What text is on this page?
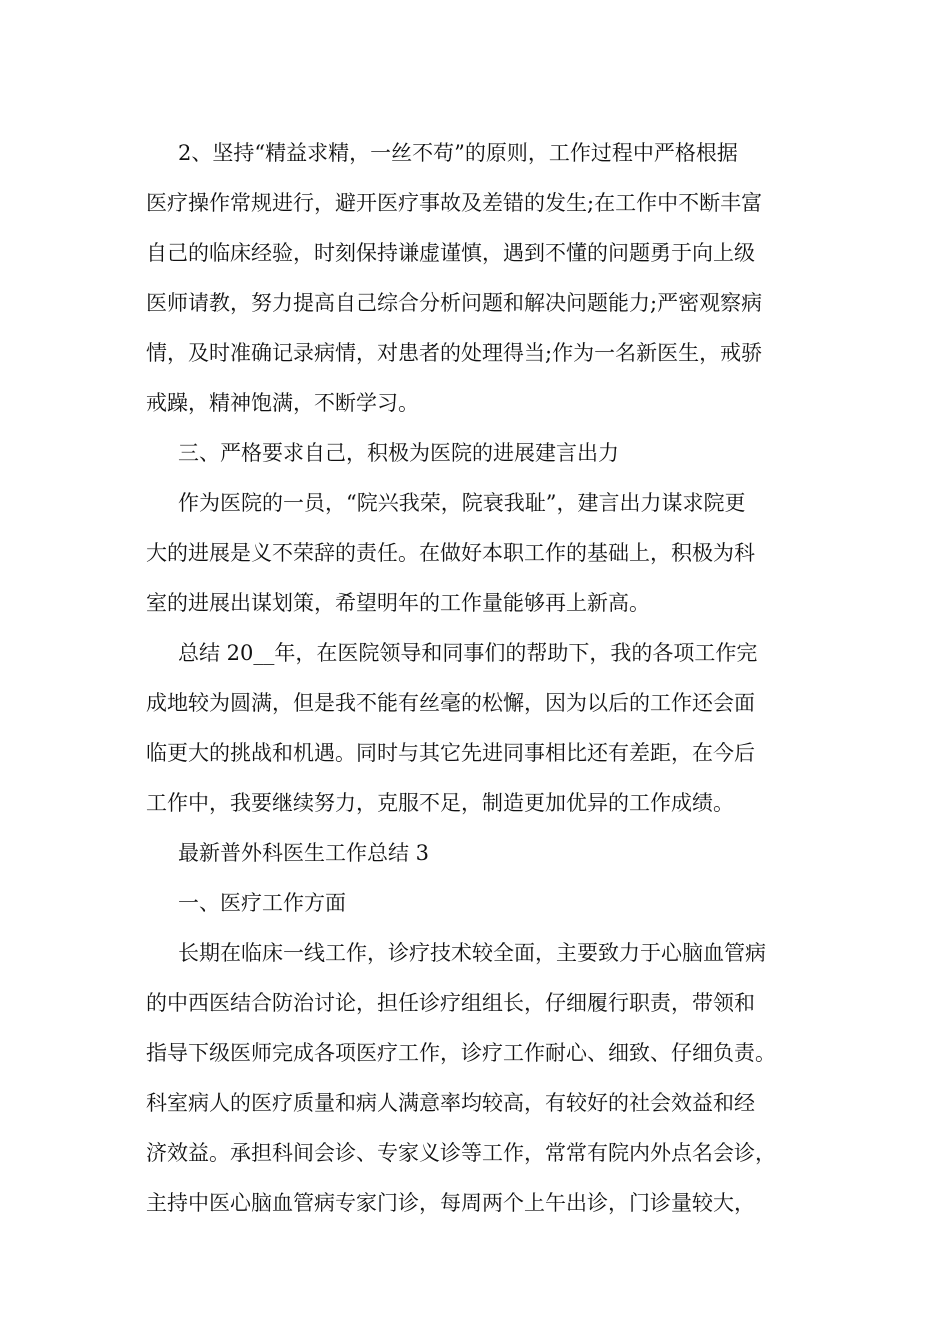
2、坚持“精益求精，一丝不苟”的原则，工作过程中严格根据
医疗操作常规进行，避开医疗事故及差错的发生;在工作中不断丰富
自己的临床经验，时刻保持谦虚谨慎，遇到不懂的问题勇于向上级
医师请教，努力提高自己综合分析问题和解决问题能力;严密观察病
情，及时准确记录病情，对患者的处理得当;作为一名新医生，戒骄
戒躁，精神饱满，不断学习。
三、严格要求自己，积极为医院的进展建言出力
作为医院的一员，“院兴我荣，院衰我耻”，建言出力谋求院更
大的进展是义不荣辞的责任。在做好本职工作的基础上，积极为科
室的进展出谋划策，希望明年的工作量能够再上新高。
总结 20__年，在医院领导和同事们的帮助下，我的各项工作完
成地较为圆满，但是我不能有丝毫的松懈，因为以后的工作还会面
临更大的挑战和机遇。同时与其它先进同事相比还有差距，在今后
工作中，我要继续努力，克服不足，制造更加优异的工作成绩。
最新普外科医生工作总结 3
一、医疗工作方面
长期在临床一线工作，诊疗技术较全面，主要致力于心脑血管病
的中西医结合防治讨论，担任诊疗组组长，仔细履行职责，带领和
指导下级医师完成各项医疗工作，诊疗工作耐心、细致、仔细负责。
科室病人的医疗质量和病人满意率均较高，有较好的社会效益和经
济效益。承担科间会诊、专家义诊等工作，常常有院内外点名会诊，
主持中医心脑血管病专家门诊，每周两个上午出诊，门诊量较大，
